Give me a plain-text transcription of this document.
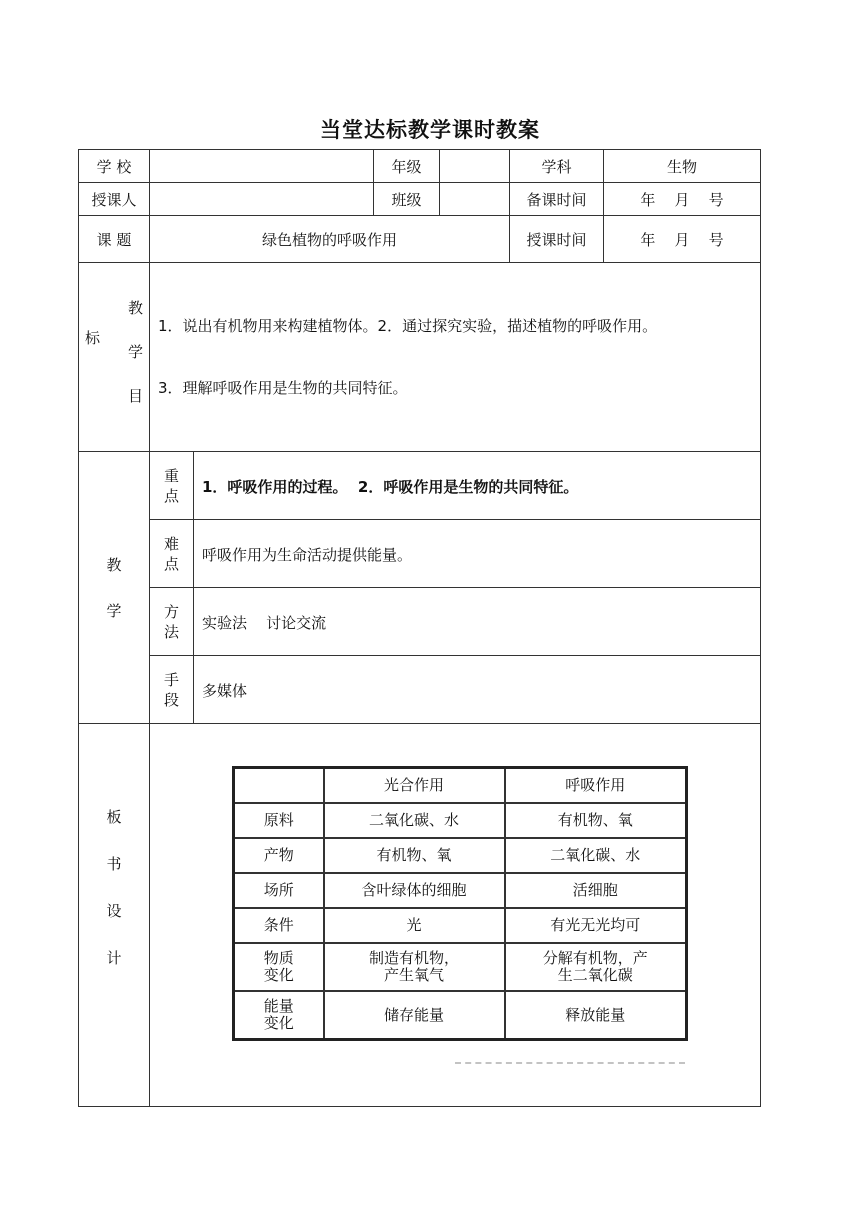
当堂达标教学课时教案
学 校		年级		学科	生物
授课人		班级		备课时间	年    月    号
课 题	绿色植物的呼吸作用	授课时间	年    月    号

教
标
学
目

1．说出有机物用来构建植物体。2．通过探究实验，描述植物的呼吸作用。
3．理解呼吸作用是生物的共同特征。

教
学
	重点	1．呼吸作用的过程。  2．呼吸作用是生物的共同特征。
难点	呼吸作用为生命活动提供能量。
方法	实验法    讨论交流
手段	多媒体

板
书
设
计

	光合作用	呼吸作用
原料	二氧化碳、水	有机物、氧
产物	有机物、氧	二氧化碳、水
场所	含叶绿体的细胞	活细胞
条件	光	有光无光均可
物质变化	制造有机物，产生氧气	分解有机物，产生二氧化碳
能量变化	储存能量	释放能量
